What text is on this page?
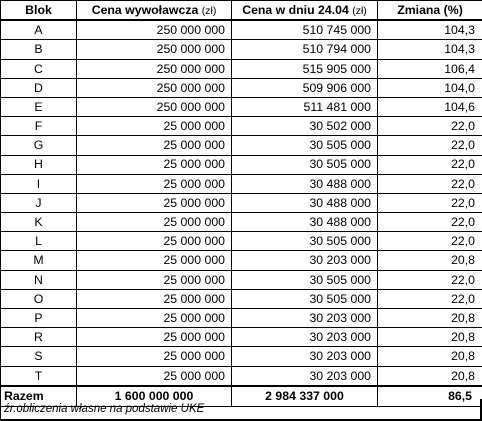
Blok	Cena wywoławcza (zł)	Cena w dniu 24.04 (zł)	Zmiana (%)
A	250 000 000	510 745 000	104,3
B	250 000 000	510 794 000	104,3
C	250 000 000	515 905 000	106,4
D	250 000 000	509 906 000	104,0
E	250 000 000	511 481 000	104,6
F	25 000 000	30 502 000	22,0
G	25 000 000	30 505 000	22,0
H	25 000 000	30 505 000	22,0
I	25 000 000	30 488 000	22,0
J	25 000 000	30 488 000	22,0
K	25 000 000	30 488 000	22,0
L	25 000 000	30 505 000	22,0
M	25 000 000	30 203 000	20,8
N	25 000 000	30 505 000	22,0
O	25 000 000	30 505 000	22,0
P	25 000 000	30 203 000	20,8
R	25 000 000	30 203 000	20,8
S	25 000 000	30 203 000	20,8
T	25 000 000	30 203 000	20,8
Razem	1 600 000 000	2 984 337 000	86,5
źr.obliczenia własne na podstawie UKE
